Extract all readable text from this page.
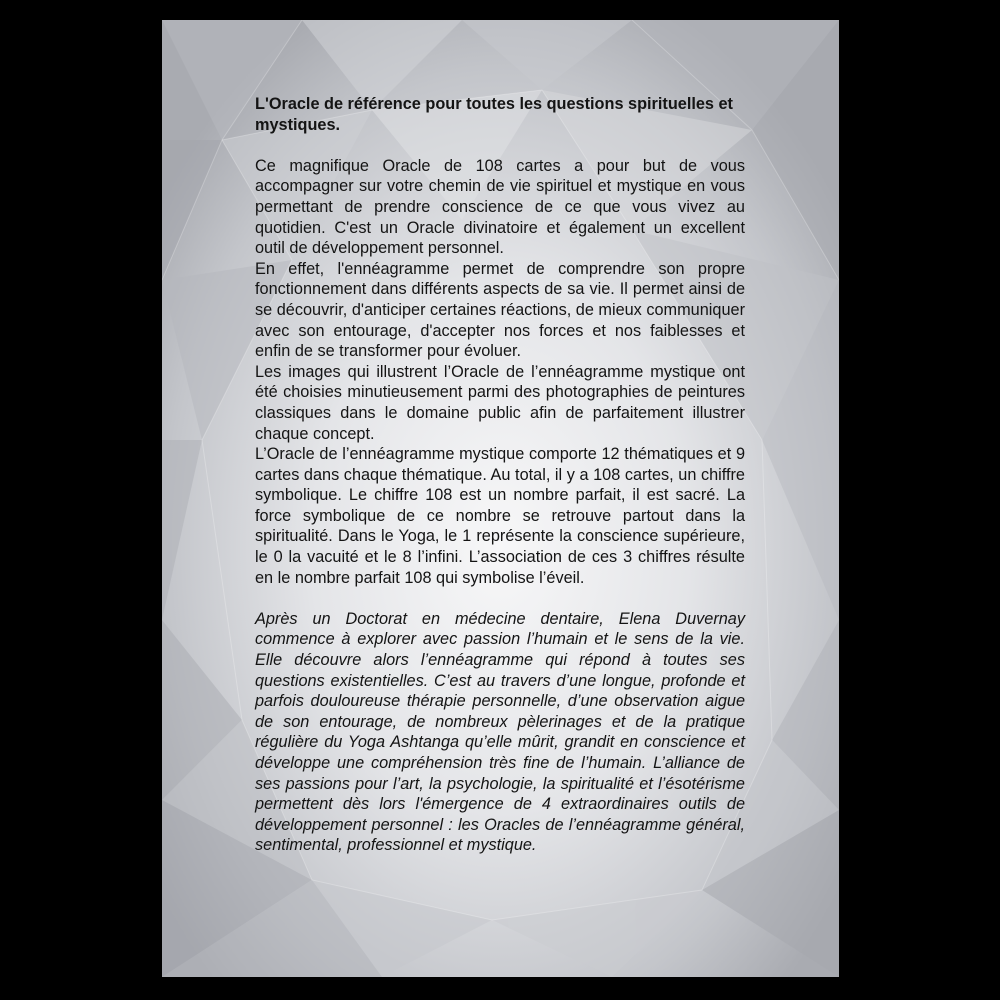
L'Oracle de référence pour toutes les questions spirituelles et mystiques.

Ce magnifique Oracle de 108 cartes a pour but de vous accompagner sur votre chemin de vie spirituel et mystique en vous permettant de prendre conscience de ce que vous vivez au quotidien. C'est un Oracle divinatoire et également un excellent outil de développement personnel.

En effet, l'ennéagramme permet de comprendre son propre fonctionnement dans différents aspects de sa vie. Il permet ainsi de se découvrir, d'anticiper certaines réactions, de mieux communiquer avec son entourage, d'accepter nos forces et nos faiblesses et enfin de se transformer pour évoluer.

Les images qui illustrent l’Oracle de l’ennéagramme mystique ont été choisies minutieusement parmi des photographies de peintures classiques dans le domaine public afin de parfaitement illustrer chaque concept.

L’Oracle de l’ennéagramme mystique comporte 12 thématiques et 9 cartes dans chaque thématique. Au total, il y a 108 cartes, un chiffre symbolique. Le chiffre 108 est un nombre parfait, il est sacré. La force symbolique de ce nombre se retrouve partout dans la spiritualité. Dans le Yoga, le 1 représente la conscience supérieure, le 0 la vacuité et le 8 l’infini. L’association de ces 3 chiffres résulte en le nombre parfait 108 qui symbolise l’éveil.

Après un Doctorat en médecine dentaire, Elena Duvernay commence à explorer avec passion l’humain et le sens de la vie. Elle découvre alors l’ennéagramme qui répond à toutes ses questions existentielles. C’est au travers d’une longue, profonde et parfois douloureuse thérapie personnelle, d’une observation aigue de son entourage, de nombreux pèlerinages et de la pratique régulière du Yoga Ashtanga qu’elle mûrit, grandit en conscience et développe une compréhension très fine de l’humain. L’alliance de ses passions pour l’art, la psychologie, la spiritualité et l’ésotérisme permettent dès lors l'émergence de 4 extraordinaires outils de développement personnel : les Oracles de l’ennéagramme général, sentimental, professionnel et mystique.
